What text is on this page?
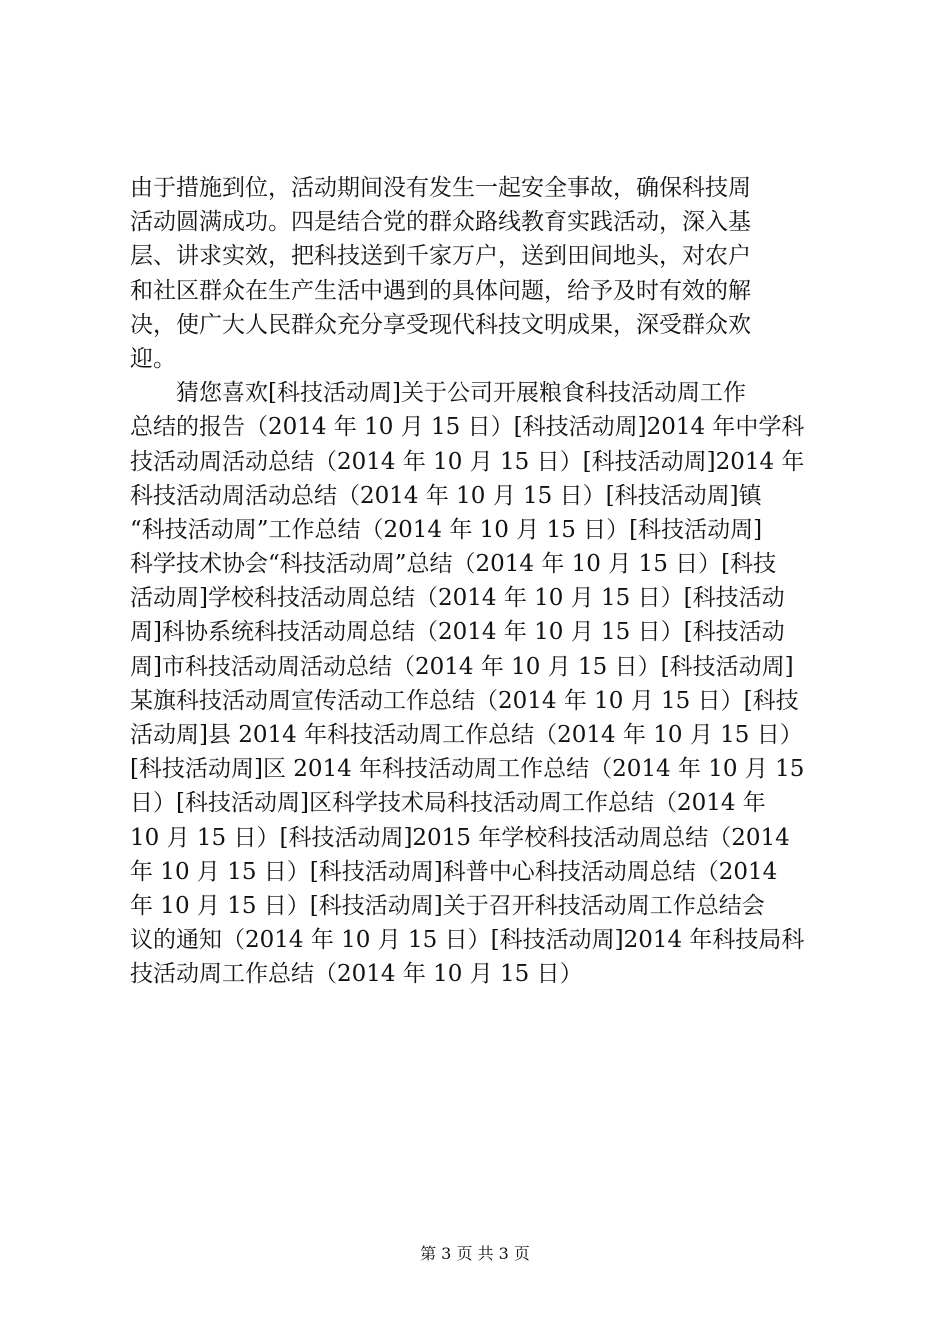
由于措施到位，活动期间没有发生一起安全事故，确保科技周
活动圆满成功。四是结合党的群众路线教育实践活动，深入基
层、讲求实效，把科技送到千家万户，送到田间地头，对农户
和社区群众在生产生活中遇到的具体问题，给予及时有效的解
决，使广大人民群众充分享受现代科技文明成果，深受群众欢
迎。
猜您喜欢[科技活动周]关于公司开展粮食科技活动周工作
总结的报告（2014 年 10 月 15 日）[科技活动周]2014 年中学科
技活动周活动总结（2014 年 10 月 15 日）[科技活动周]2014 年
科技活动周活动总结（2014 年 10 月 15 日）[科技活动周]镇
“科技活动周”工作总结（2014 年 10 月 15 日）[科技活动周]
科学技术协会“科技活动周”总结（2014 年 10 月 15 日）[科技
活动周]学校科技活动周总结（2014 年 10 月 15 日）[科技活动
周]科协系统科技活动周总结（2014 年 10 月 15 日）[科技活动
周]市科技活动周活动总结（2014 年 10 月 15 日）[科技活动周]
某旗科技活动周宣传活动工作总结（2014 年 10 月 15 日）[科技
活动周]县 2014 年科技活动周工作总结（2014 年 10 月 15 日）
[科技活动周]区 2014 年科技活动周工作总结（2014 年 10 月 15
日）[科技活动周]区科学技术局科技活动周工作总结（2014 年
10 月 15 日）[科技活动周]2015 年学校科技活动周总结（2014
年 10 月 15 日）[科技活动周]科普中心科技活动周总结（2014
年 10 月 15 日）[科技活动周]关于召开科技活动周工作总结会
议的通知（2014 年 10 月 15 日）[科技活动周]2014 年科技局科
技活动周工作总结（2014 年 10 月 15 日）
第 3 页 共 3 页
